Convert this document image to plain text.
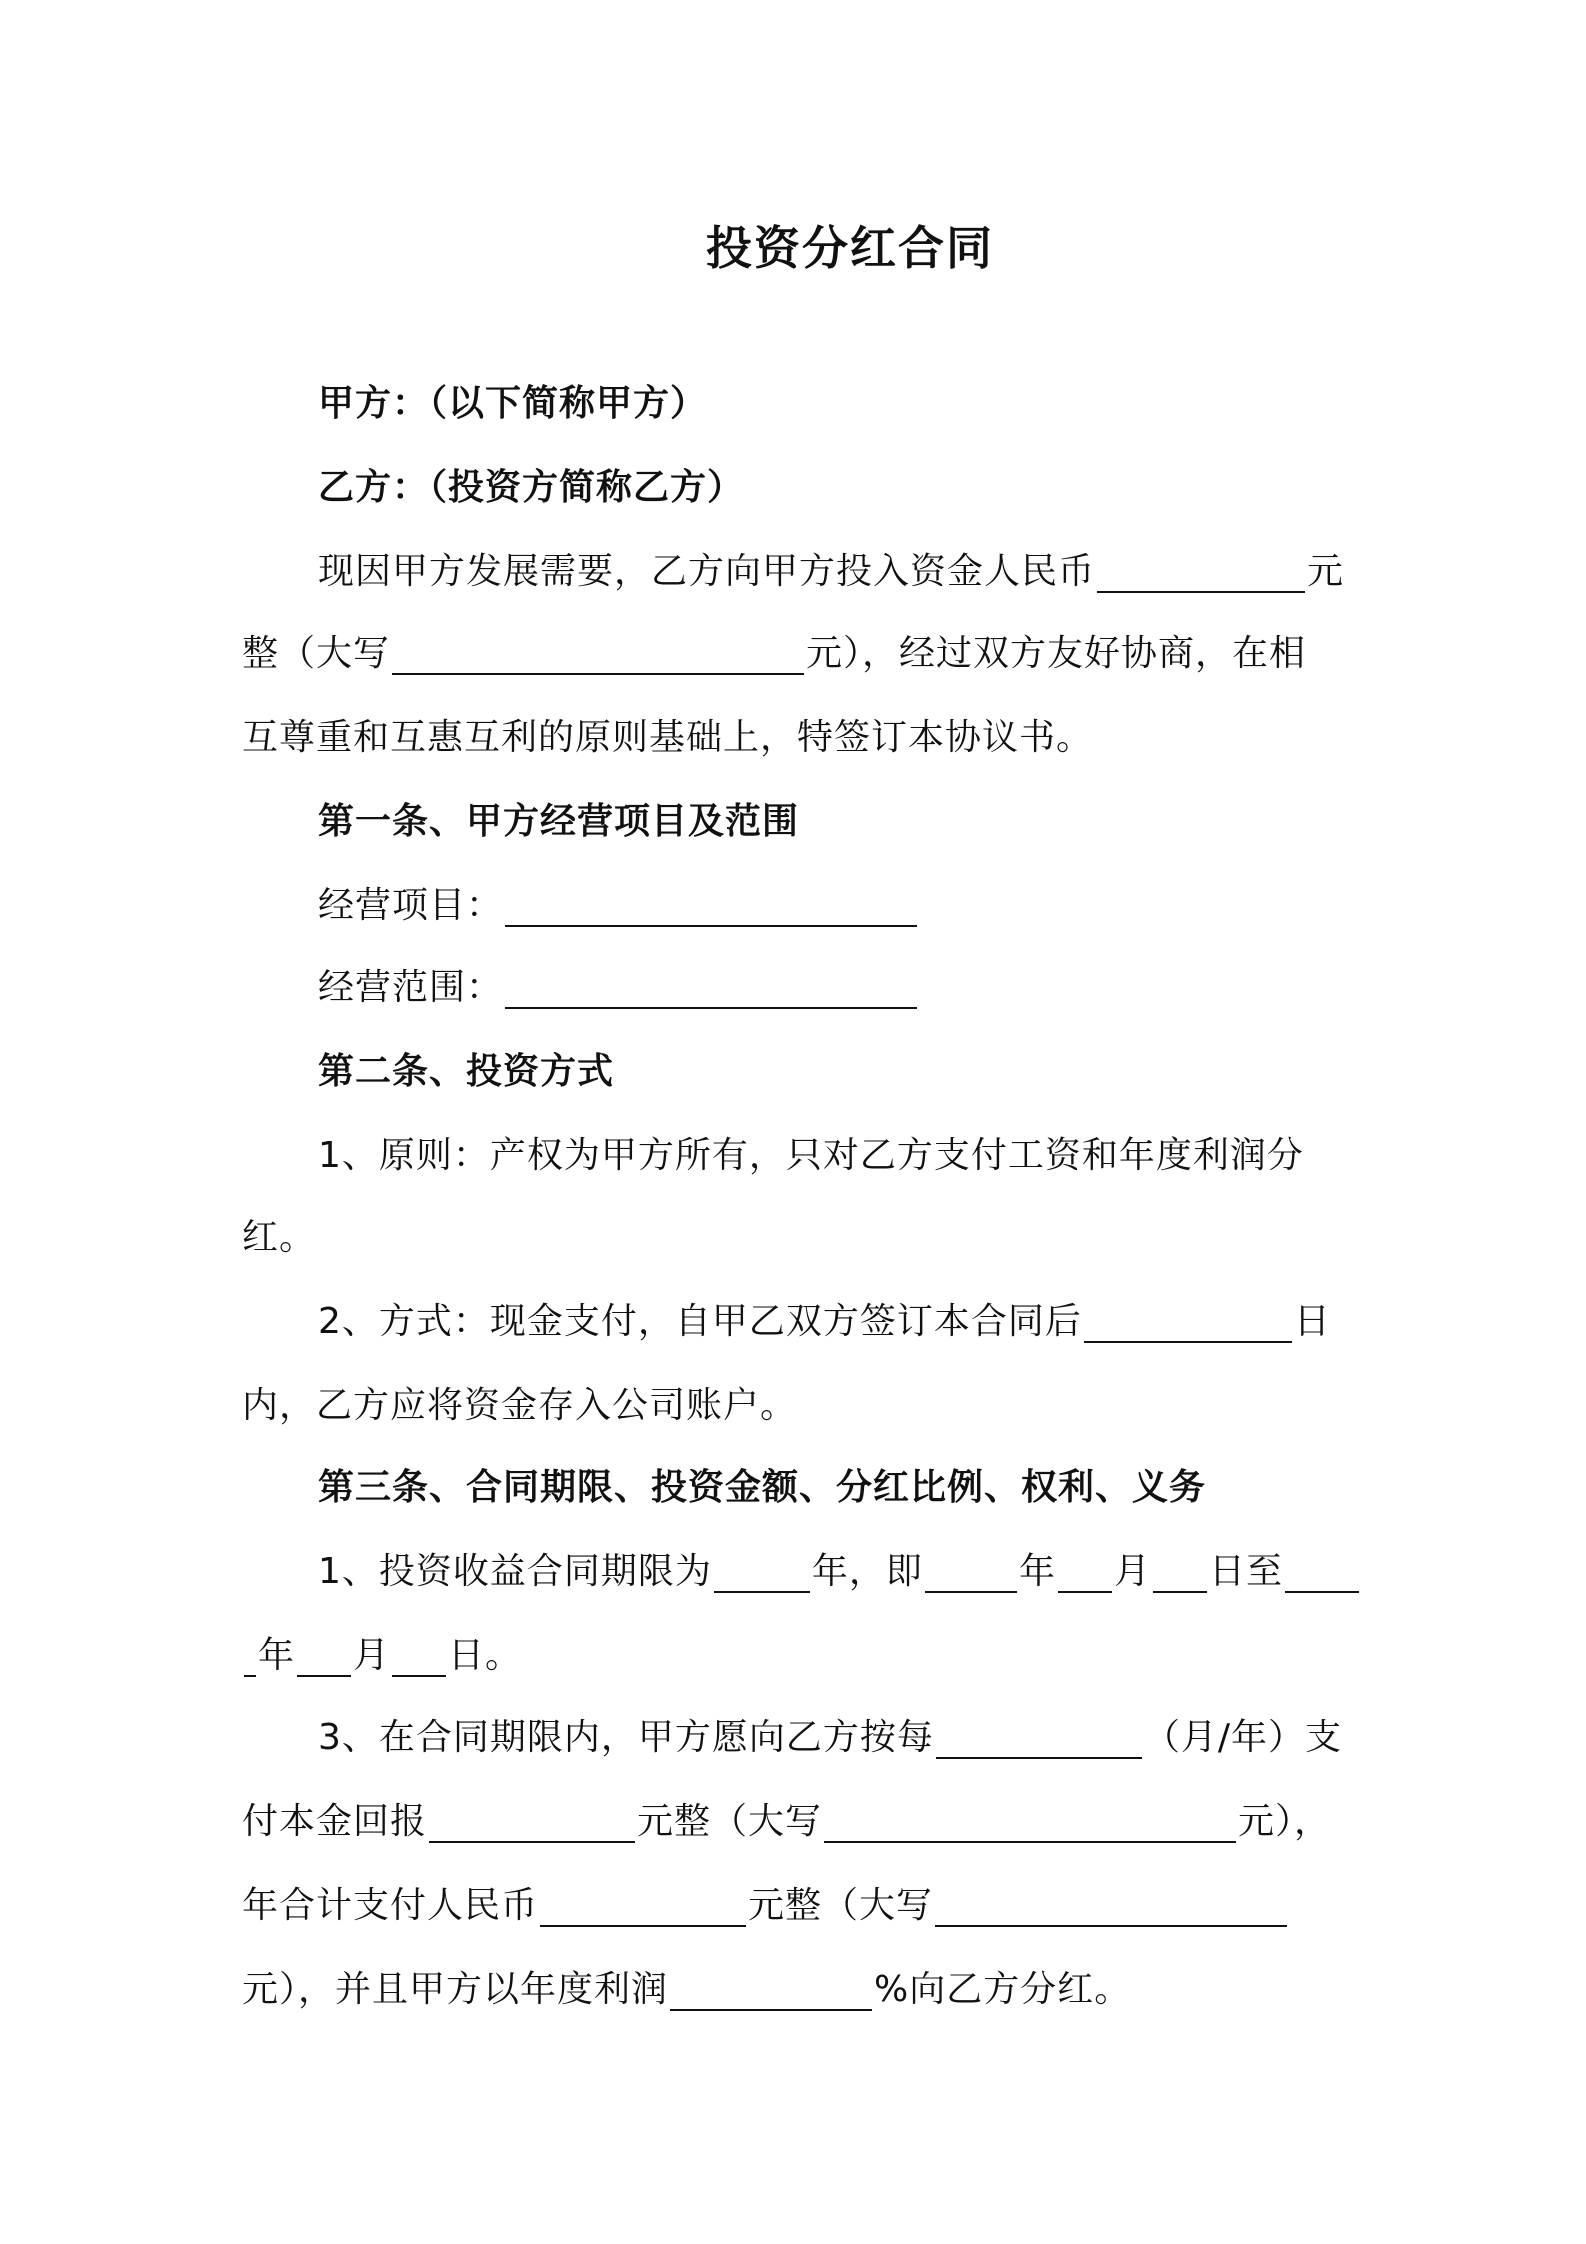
投资分红合同
甲方：（以下简称甲方）
乙方：（投资方简称乙方）
现因甲方发展需要，乙方向甲方投入资金人民币	元
整（大写	元），经过双方友好协商，在相
互尊重和互惠互利的原则基础上，特签订本协议书。
第一条、甲方经营项目及范围
经营项目：
经营范围：
第二条、投资方式
1、原则：产权为甲方所有，只对乙方支付工资和年度利润分
红。
2、方式：现金支付，自甲乙双方签订本合同后	日
内，乙方应将资金存入公司账户。
第三条、合同期限、投资金额、分红比例、权利、义务
1、投资收益合同期限为	年，即	年 月 日至
年 月 日。
3、在合同期限内，甲方愿向乙方按每	（月/年）支
付本金回报	元整（大写	元），
年合计支付人民币	元整（大写
元），并且甲方以年度利润	%向乙方分红。
